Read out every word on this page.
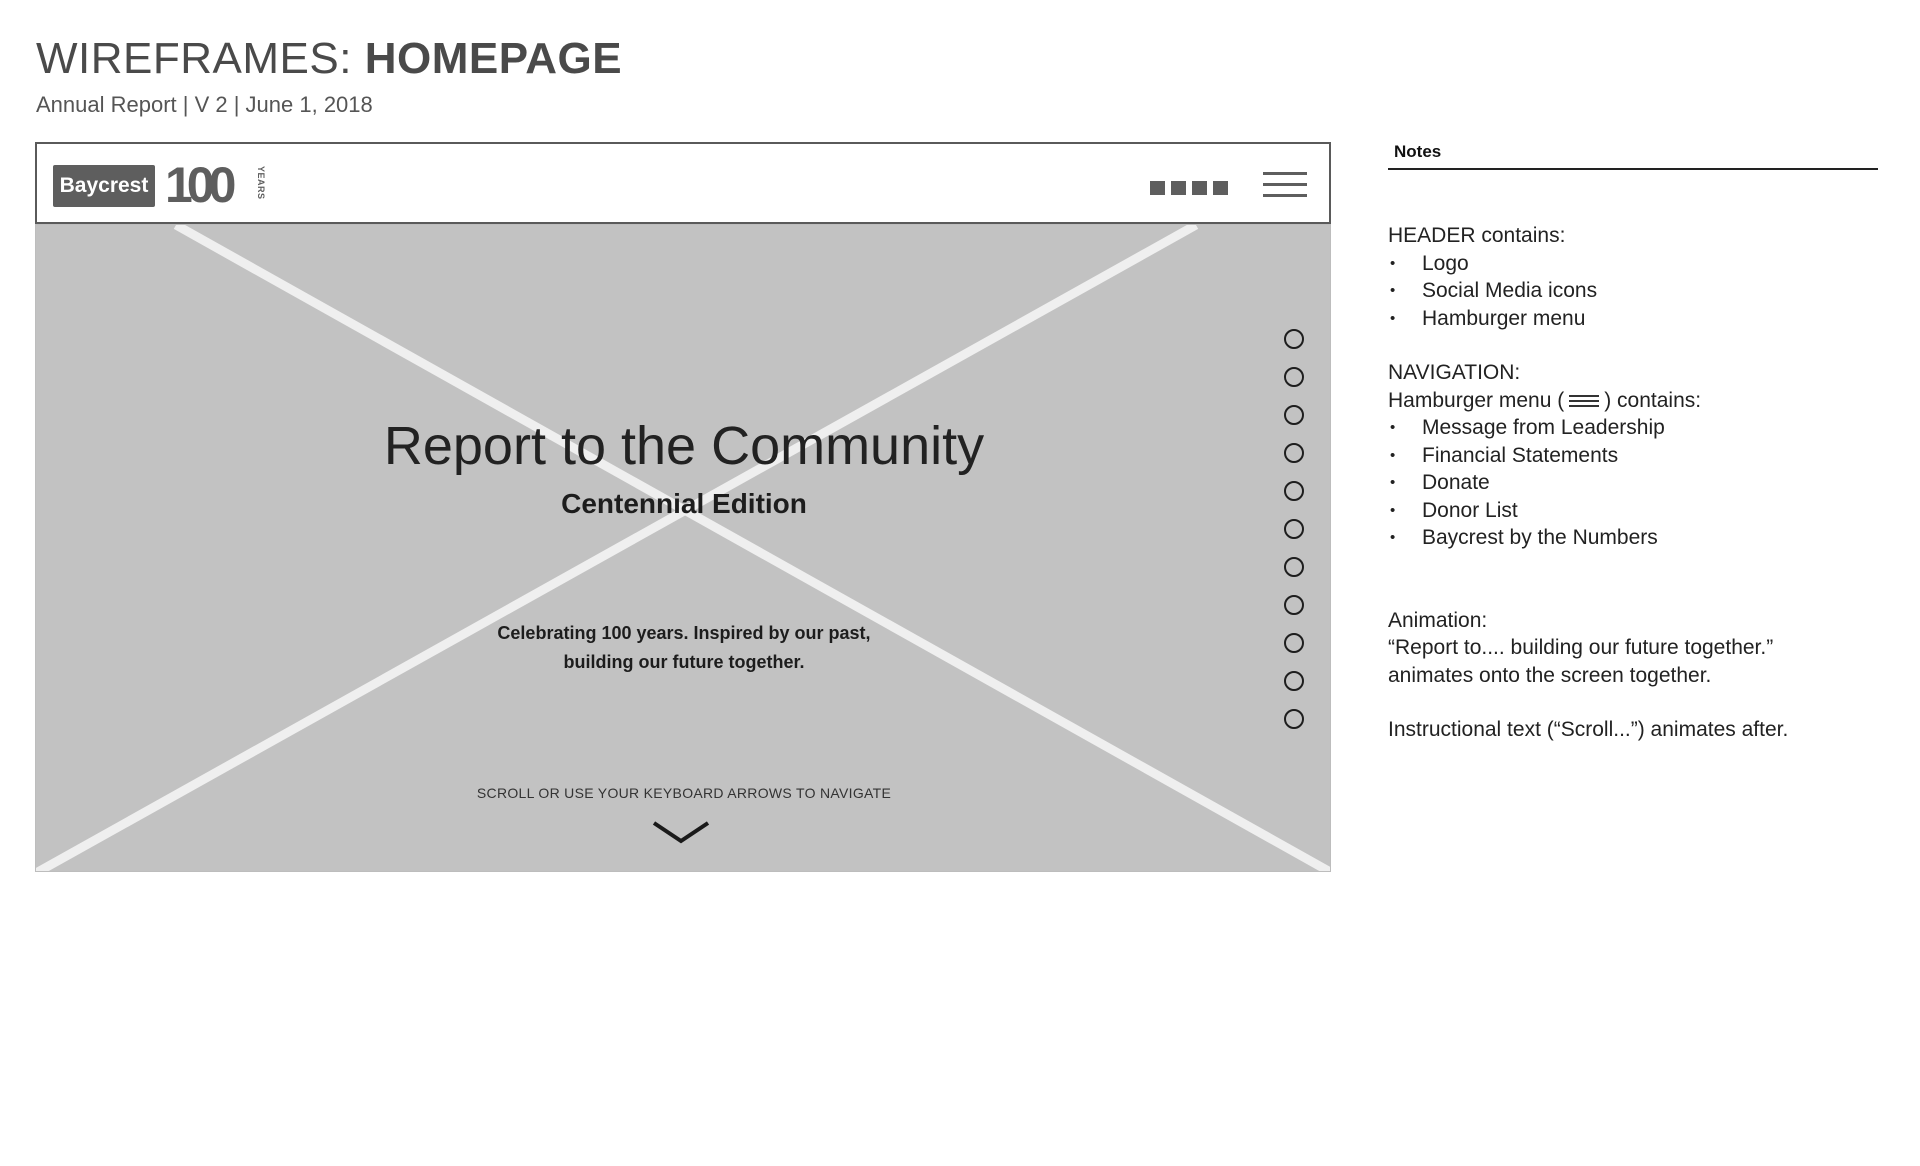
WIREFRAMES: HOMEPAGE
Annual Report | V 2 | June 1, 2018
Baycrest 100	YEARS
Report to the Community
Centennial Edition
Celebrating 100 years. Inspired by our past,
building our future together.
SCROLL OR USE YOUR KEYBOARD ARROWS TO NAVIGATE
Notes

HEADER contains:

• Logo
• Social Media icons
• Hamburger menu

NAVIGATION:

Hamburger menu ( ) contains:

• Message from Leadership
• Financial Statements
• Donate
• Donor List
• Baycrest by the Numbers

Animation:

“Report to.... building our future together.”

animates onto the screen together.

Instructional text (“Scroll...”) animates after.
